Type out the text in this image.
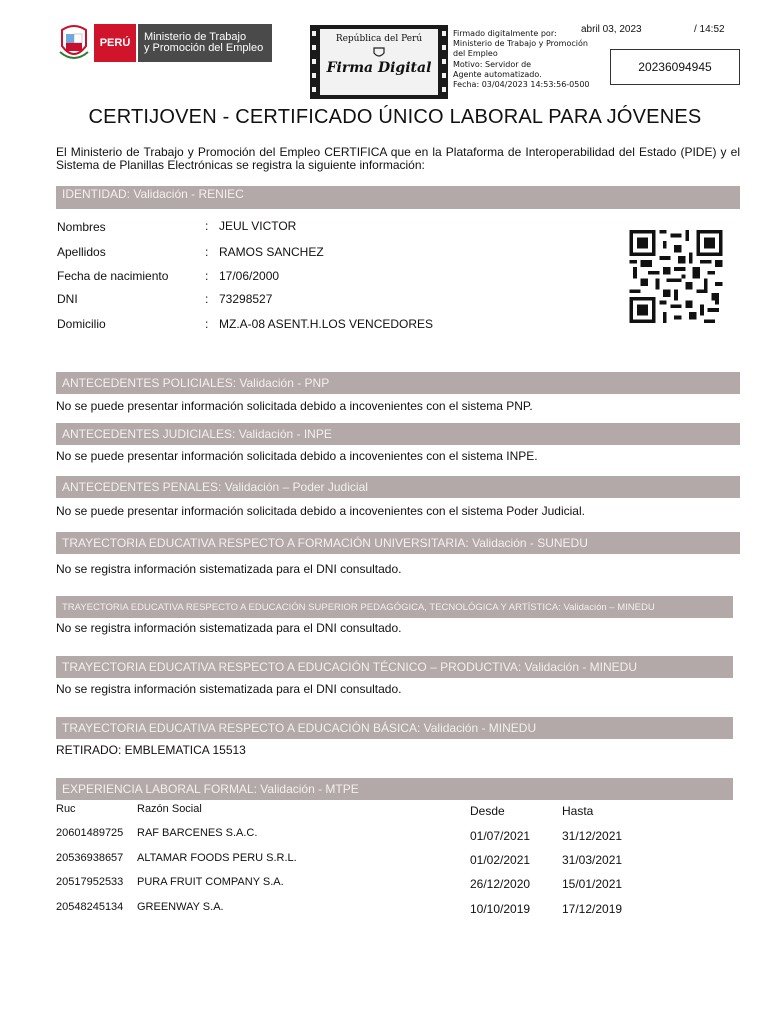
PERÚ	Ministerio de Trabajo
y Promoción del Empleo
República del Perú
Firma Digital
Firmado digitalmente por:
Ministerio de Trabajo y Promoción
del Empleo
Motivo: Servidor de
Agente automatizado.
Fecha: 03/04/2023 14:53:56-0500
abril 03, 2023	/ 14:52
20236094945
CERTIJOVEN - CERTIFICADO ÚNICO LABORAL PARA JÓVENES
El Ministerio de Trabajo y Promoción del Empleo CERTIFICA que en la Plataforma de Interoperabilidad del Estado (PIDE) y el Sistema de Planillas Electrónicas se registra la siguiente información:
IDENTIDAD: Validación - RENIEC
Nombres	: JEUL VICTOR
Apellidos	: RAMOS SANCHEZ
Fecha de nacimiento	: 17/06/2000
DNI	: 73298527
Domicilio	: MZ.A-08 ASENT.H.LOS VENCEDORES
ANTECEDENTES POLICIALES: Validación - PNP
No se puede presentar información solicitada debido a incovenientes con el sistema PNP.
ANTECEDENTES JUDICIALES: Validación - INPE
No se puede presentar información solicitada debido a incovenientes con el sistema INPE.
ANTECEDENTES PENALES: Validación – Poder Judicial
No se puede presentar información solicitada debido a incovenientes con el sistema Poder Judicial.
TRAYECTORIA EDUCATIVA RESPECTO A FORMACIÓN UNIVERSITARIA: Validación - SUNEDU
No se registra información sistematizada para el DNI consultado.
TRAYECTORIA EDUCATIVA RESPECTO A EDUCACIÓN SUPERIOR PEDAGÓGICA, TECNOLÓGICA Y ARTÍSTICA: Validación – MINEDU
No se registra información sistematizada para el DNI consultado.
TRAYECTORIA EDUCATIVA RESPECTO A EDUCACIÓN TÉCNICO – PRODUCTIVA: Validación - MINEDU
No se registra información sistematizada para el DNI consultado.
TRAYECTORIA EDUCATIVA RESPECTO A EDUCACIÓN BÁSICA: Validación - MINEDU
RETIRADO: EMBLEMATICA 15513
EXPERIENCIA LABORAL FORMAL: Validación - MTPE
Ruc	Razón Social	Desde	Hasta
20601489725 RAF BARCENES S.A.C.	01/07/2021	31/12/2021
20536938657 ALTAMAR FOODS PERU S.R.L.	01/02/2021	31/03/2021
20517952533 PURA FRUIT COMPANY S.A.	26/12/2020	15/01/2021
20548245134 GREENWAY S.A.	10/10/2019	17/12/2019
